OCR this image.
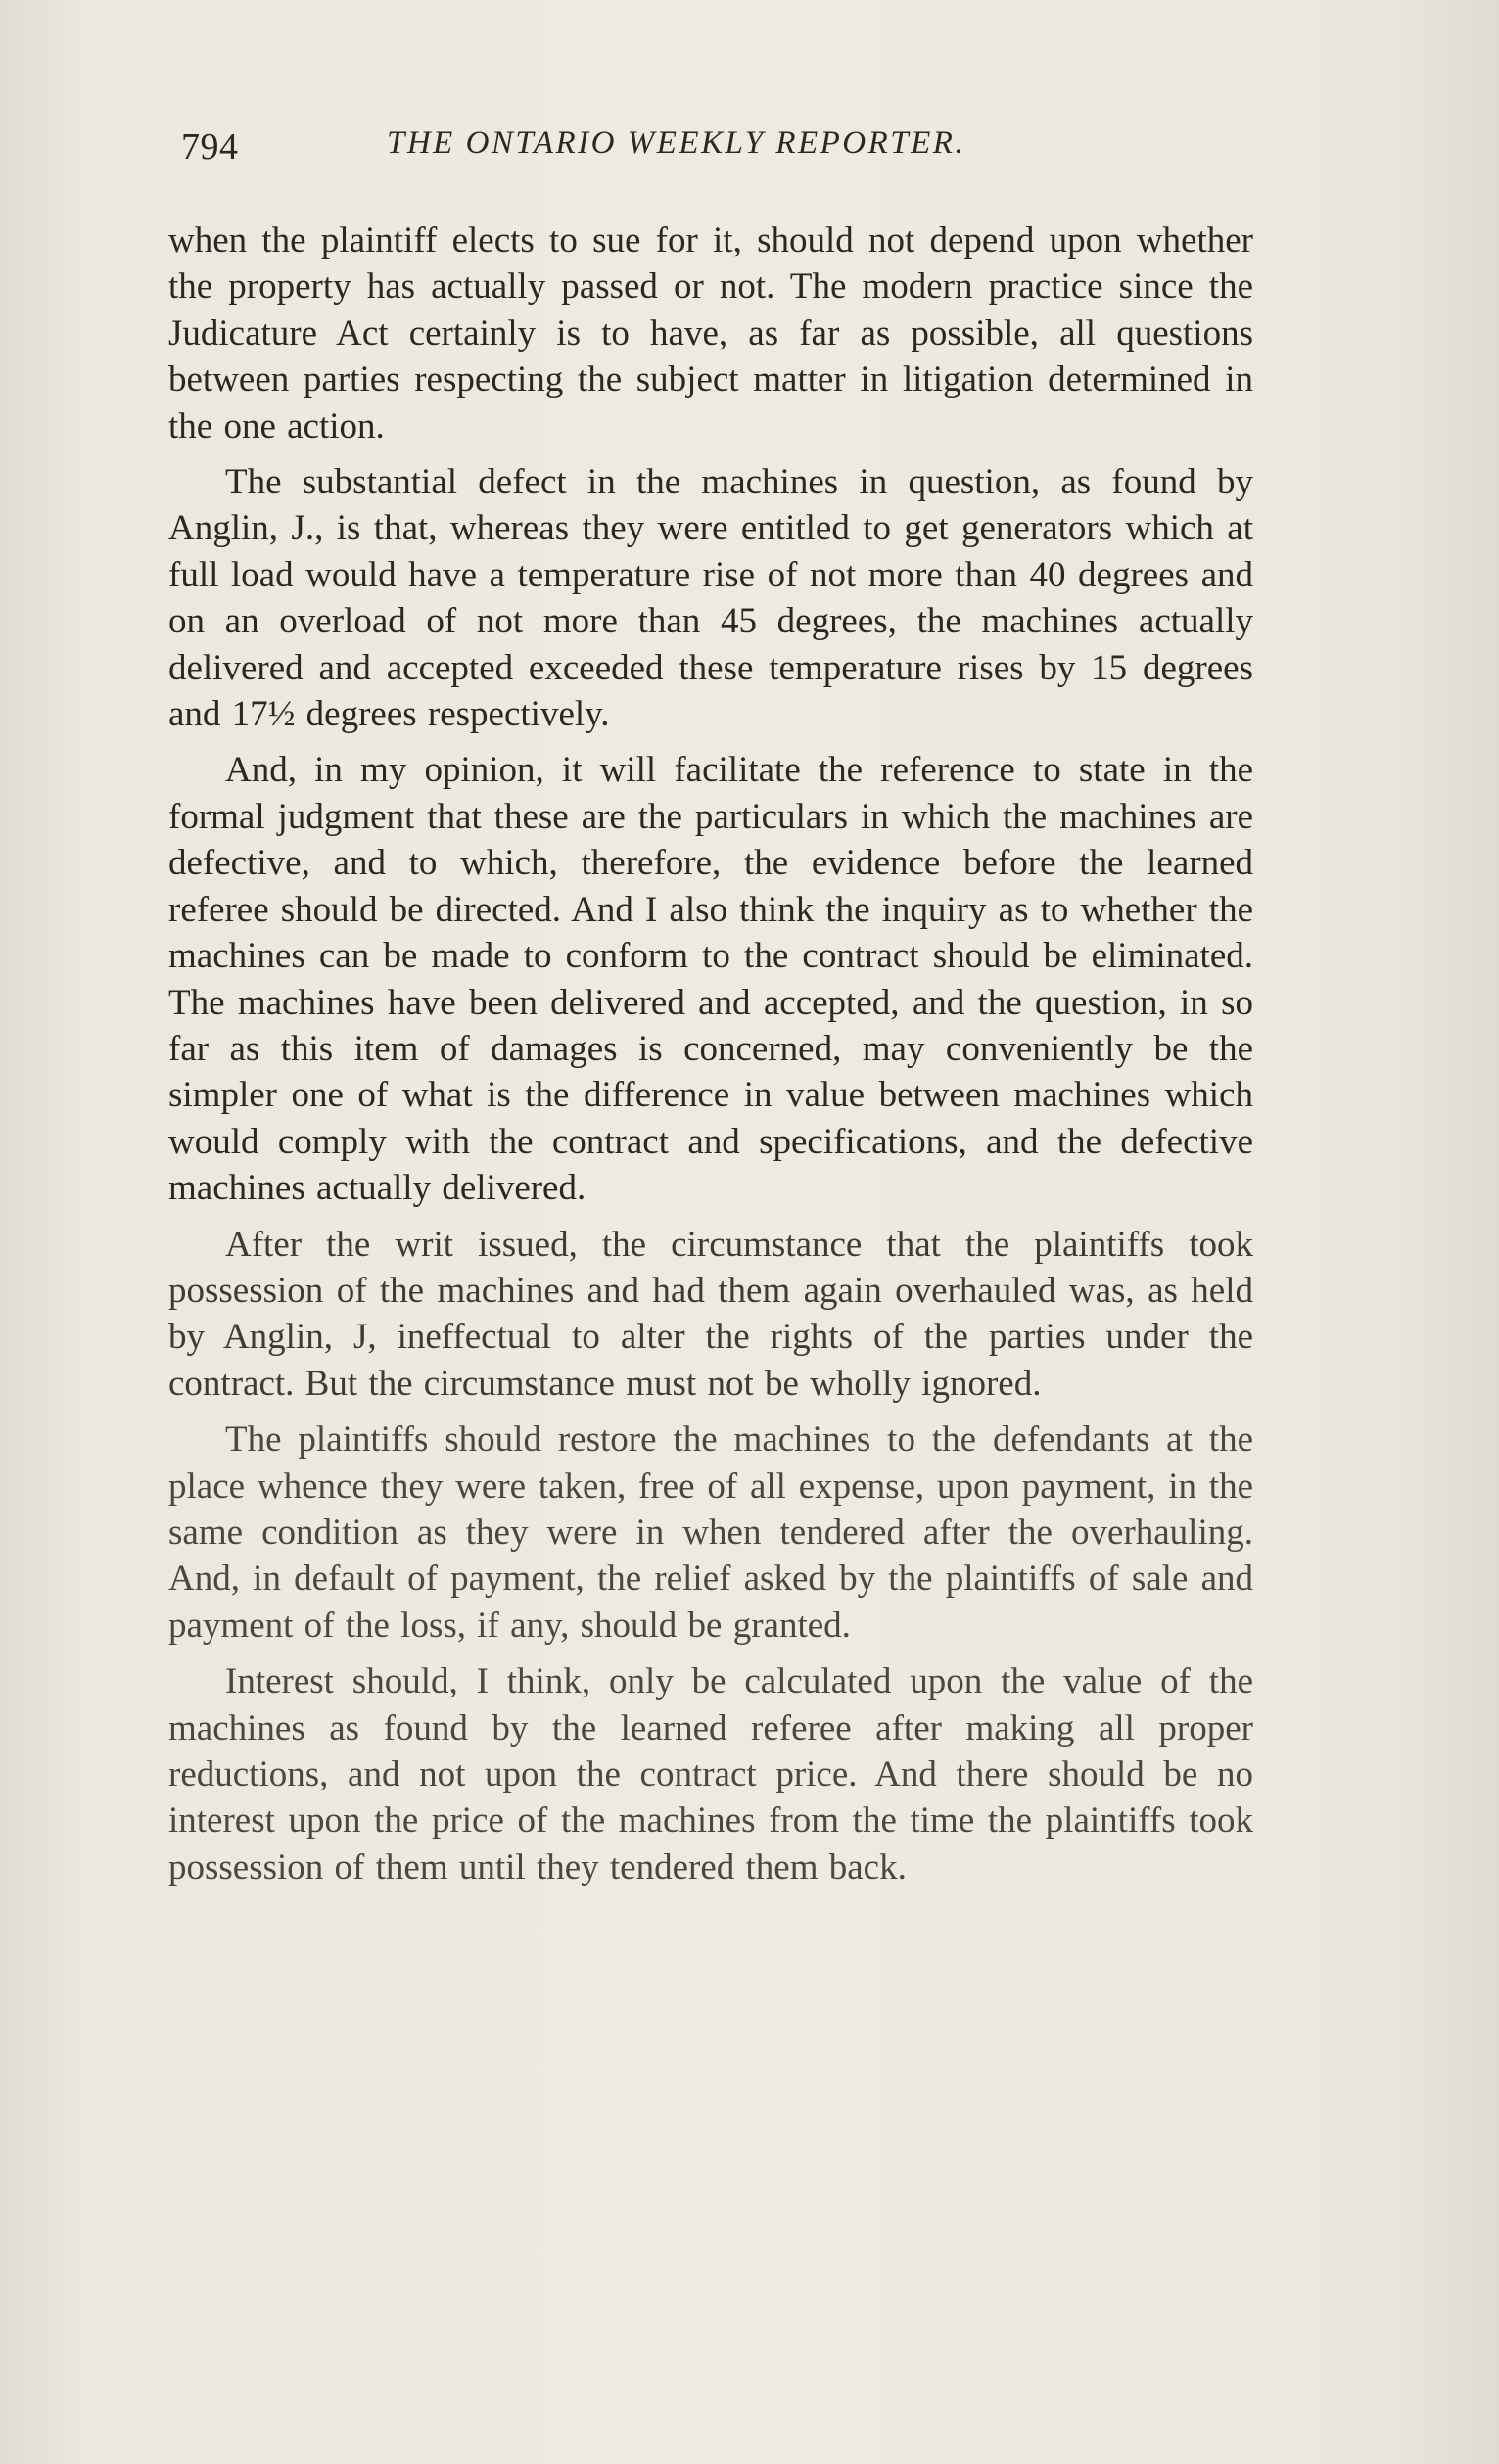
794	THE ONTARIO WEEKLY REPORTER.

when the plaintiff elects to sue for it, should not depend upon whether the property has actually passed or not. The modern practice since the Judicature Act certainly is to have, as far as possible, all questions between parties respecting the subject matter in litigation determined in the one action.

The substantial defect in the machines in question, as found by Anglin, J., is that, whereas they were entitled to get generators which at full load would have a temperature rise of not more than 40 degrees and on an overload of not more than 45 degrees, the machines actually delivered and accepted exceeded these temperature rises by 15 degrees and 17½ degrees respectively.

And, in my opinion, it will facilitate the reference to state in the formal judgment that these are the particulars in which the machines are defective, and to which, therefore, the evidence before the learned referee should be directed. And I also think the inquiry as to whether the machines can be made to conform to the contract should be eliminated. The machines have been delivered and accepted, and the question, in so far as this item of damages is concerned, may conveniently be the simpler one of what is the difference in value between machines which would comply with the contract and specifications, and the defective machines actually delivered.

After the writ issued, the circumstance that the plaintiffs took possession of the machines and had them again overhauled was, as held by Anglin, J, ineffectual to alter the rights of the parties under the contract. But the circumstance must not be wholly ignored.

The plaintiffs should restore the machines to the defendants at the place whence they were taken, free of all expense, upon payment, in the same condition as they were in when tendered after the overhauling. And, in default of payment, the relief asked by the plaintiffs of sale and payment of the loss, if any, should be granted.

Interest should, I think, only be calculated upon the value of the machines as found by the learned referee after making all proper reductions, and not upon the contract price. And there should be no interest upon the price of the machines from the time the plaintiffs took possession of them until they tendered them back.
